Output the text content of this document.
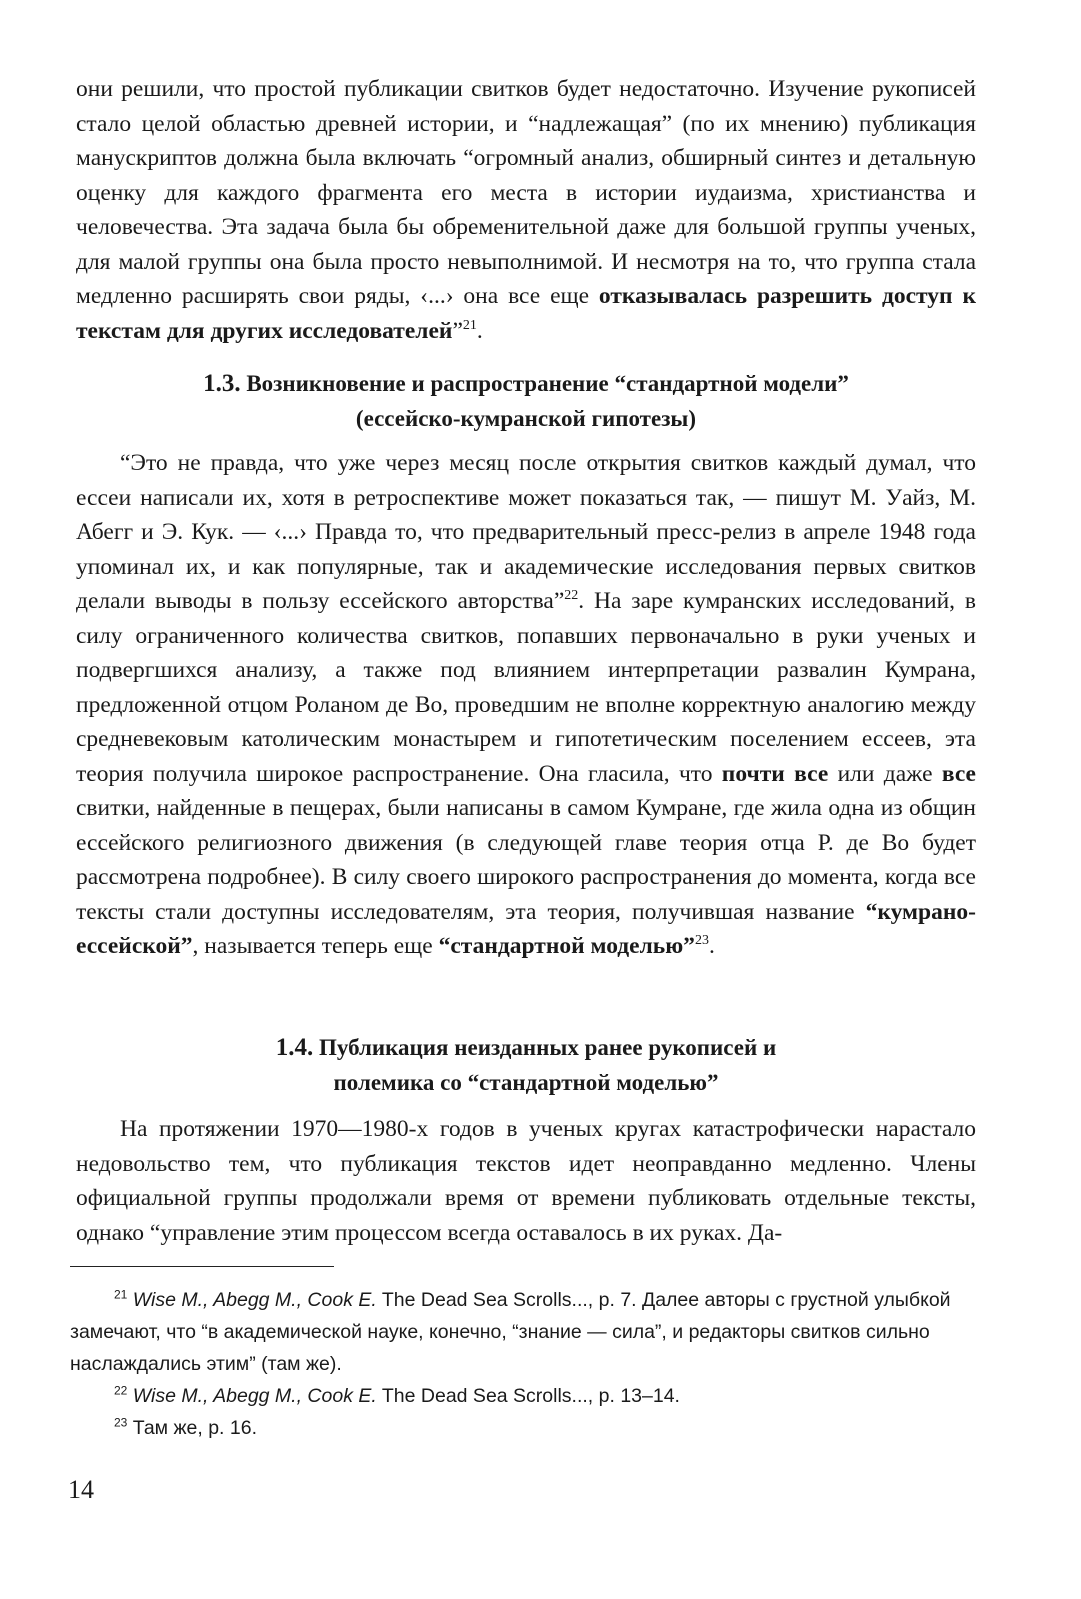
они решили, что простой публикации свитков будет недостаточно. Изучение рукописей стало целой областью древней истории, и “надлежащая” (по их мнению) публикация манускриптов должна была включать “огромный анализ, обширный синтез и детальную оценку для каждого фрагмента его места в истории иудаизма, христианства и человечества. Эта задача была бы обременительной даже для большой группы ученых, для малой группы она была просто невыполнимой. И несмотря на то, что группа стала медленно расширять свои ряды, ‹...› она все еще отказывалась разрешить доступ к текстам для других исследователей”$^{21}$.

1.3. Возникновение и распространение “стандартной модели”
(ессейско-кумранской гипотезы)

“Это не правда, что уже через месяц после открытия свитков каждый думал, что ессеи написали их, хотя в ретроспективе может показаться так, — пишут М. Уайз, М. Абегг и Э. Кук. — ‹...› Правда то, что предварительный пресс-релиз в апреле 1948 года упоминал их, и как популярные, так и академические исследования первых свитков делали выводы в пользу ессейского авторства”$^{22}$. На заре кумранских исследований, в силу ограниченного количества свитков, попавших первоначально в руки ученых и подвергшихся анализу, а также под влиянием интерпретации развалин Кумрана, предложенной отцом Роланом де Во, проведшим не вполне корректную аналогию между средневековым католическим монастырем и гипотетическим поселением ессеев, эта теория получила широкое распространение. Она гласила, что почти все или даже все свитки, найденные в пещерах, были написаны в самом Кумране, где жила одна из общин ессейского религиозного движения (в следующей главе теория отца Р. де Во будет рассмотрена подробнее). В силу своего широкого распространения до момента, когда все тексты стали доступны исследователям, эта теория, получившая название “кумрано-ессейской”, называется теперь еще “стандартной моделью”$^{23}$.

1.4. Публикация неизданных ранее рукописей и
полемика со “стандартной моделью”

На протяжении 1970—1980-х годов в ученых кругах катастрофически нарастало недовольство тем, что публикация текстов идет неоправданно медленно. Члены официальной группы продолжали время от времени публиковать отдельные тексты, однако “управление этим процессом всегда оставалось в их руках. Да-

$^{21}$ Wise M., Abegg M., Cook E. The Dead Sea Scrolls..., p. 7. Далее авторы с грустной улыбкой замечают, что “в академической науке, конечно, “знание — сила”, и редакторы свитков сильно наслаждались этим” (там же).

$^{22}$ Wise M., Abegg M., Cook E. The Dead Sea Scrolls..., p. 13–14.

$^{23}$ Там же, p. 16.

14
